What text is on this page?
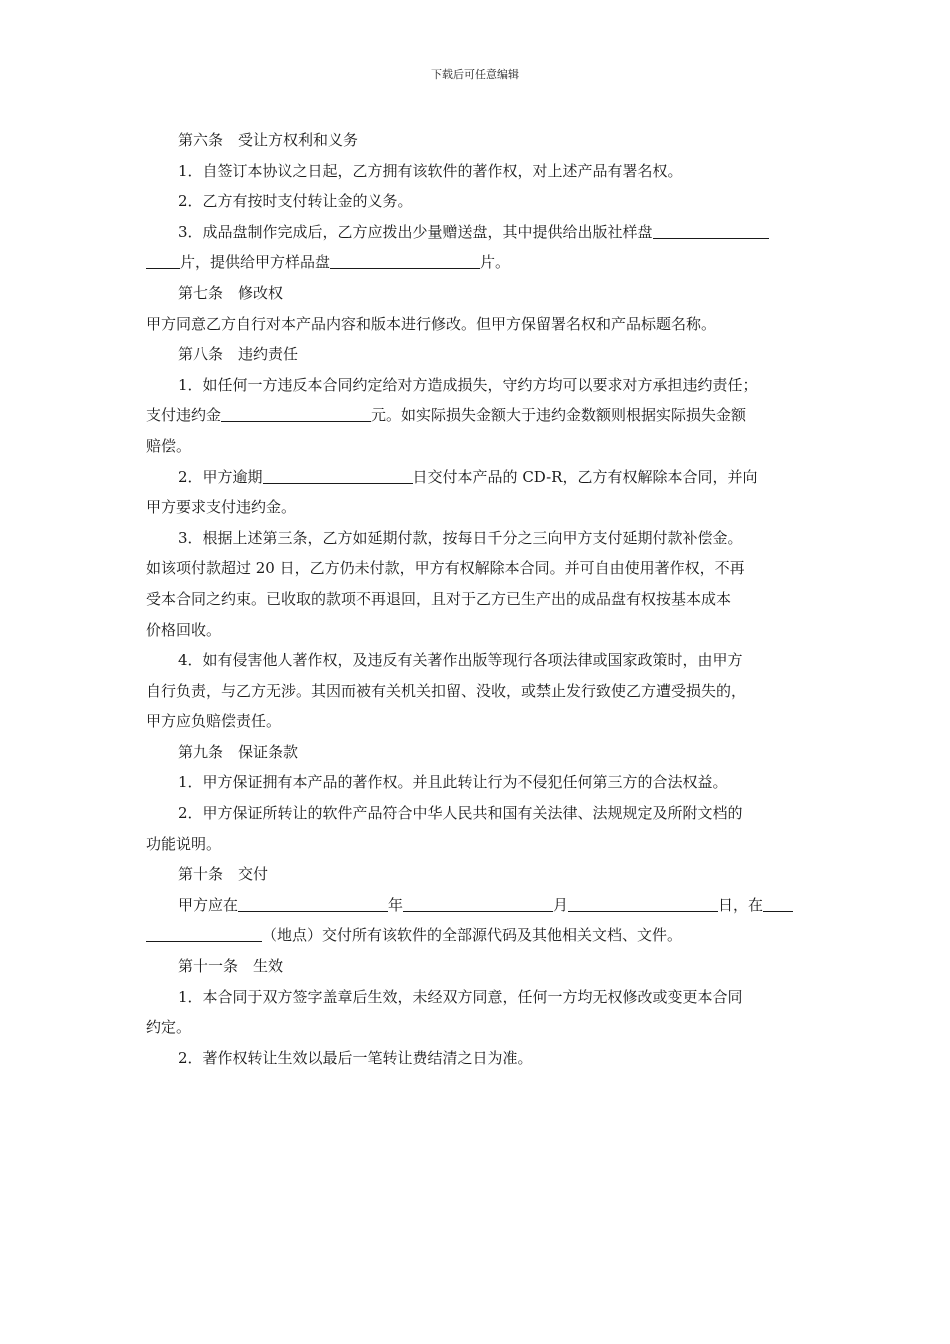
下载后可任意编辑
第六条　受让方权利和义务
1．自签订本协议之日起，乙方拥有该软件的著作权，对上述产品有署名权。
2．乙方有按时支付转让金的义务。
3．成品盘制作完成后，乙方应拨出少量赠送盘，其中提供给出版社样盘
片，提供给甲方样品盘	片。
第七条　修改权
甲方同意乙方自行对本产品内容和版本进行修改。但甲方保留署名权和产品标题名称。
第八条　违约责任
1．如任何一方违反本合同约定给对方造成损失，守约方均可以要求对方承担违约责任；
支付违约金	元。如实际损失金额大于违约金数额则根据实际损失金额
赔偿。
2．甲方逾期	日交付本产品的 CD-R，乙方有权解除本合同，并向
甲方要求支付违约金。
3．根据上述第三条，乙方如延期付款，按每日千分之三向甲方支付延期付款补偿金。
如该项付款超过 20 日，乙方仍未付款，甲方有权解除本合同。并可自由使用著作权，不再
受本合同之约束。已收取的款项不再退回，且对于乙方已生产出的成品盘有权按基本成本
价格回收。
4．如有侵害他人著作权，及违反有关著作出版等现行各项法律或国家政策时，由甲方
自行负责，与乙方无涉。其因而被有关机关扣留、没收，或禁止发行致使乙方遭受损失的，
甲方应负赔偿责任。
第九条　保证条款
1．甲方保证拥有本产品的著作权。并且此转让行为不侵犯任何第三方的合法权益。
2．甲方保证所转让的软件产品符合中华人民共和国有关法律、法规规定及所附文档的
功能说明。
第十条　交付
甲方应在	年	月	日，在
（地点）交付所有该软件的全部源代码及其他相关文档、文件。
第十一条　生效
1．本合同于双方签字盖章后生效，未经双方同意，任何一方均无权修改或变更本合同
约定。
2．著作权转让生效以最后一笔转让费结清之日为准。
